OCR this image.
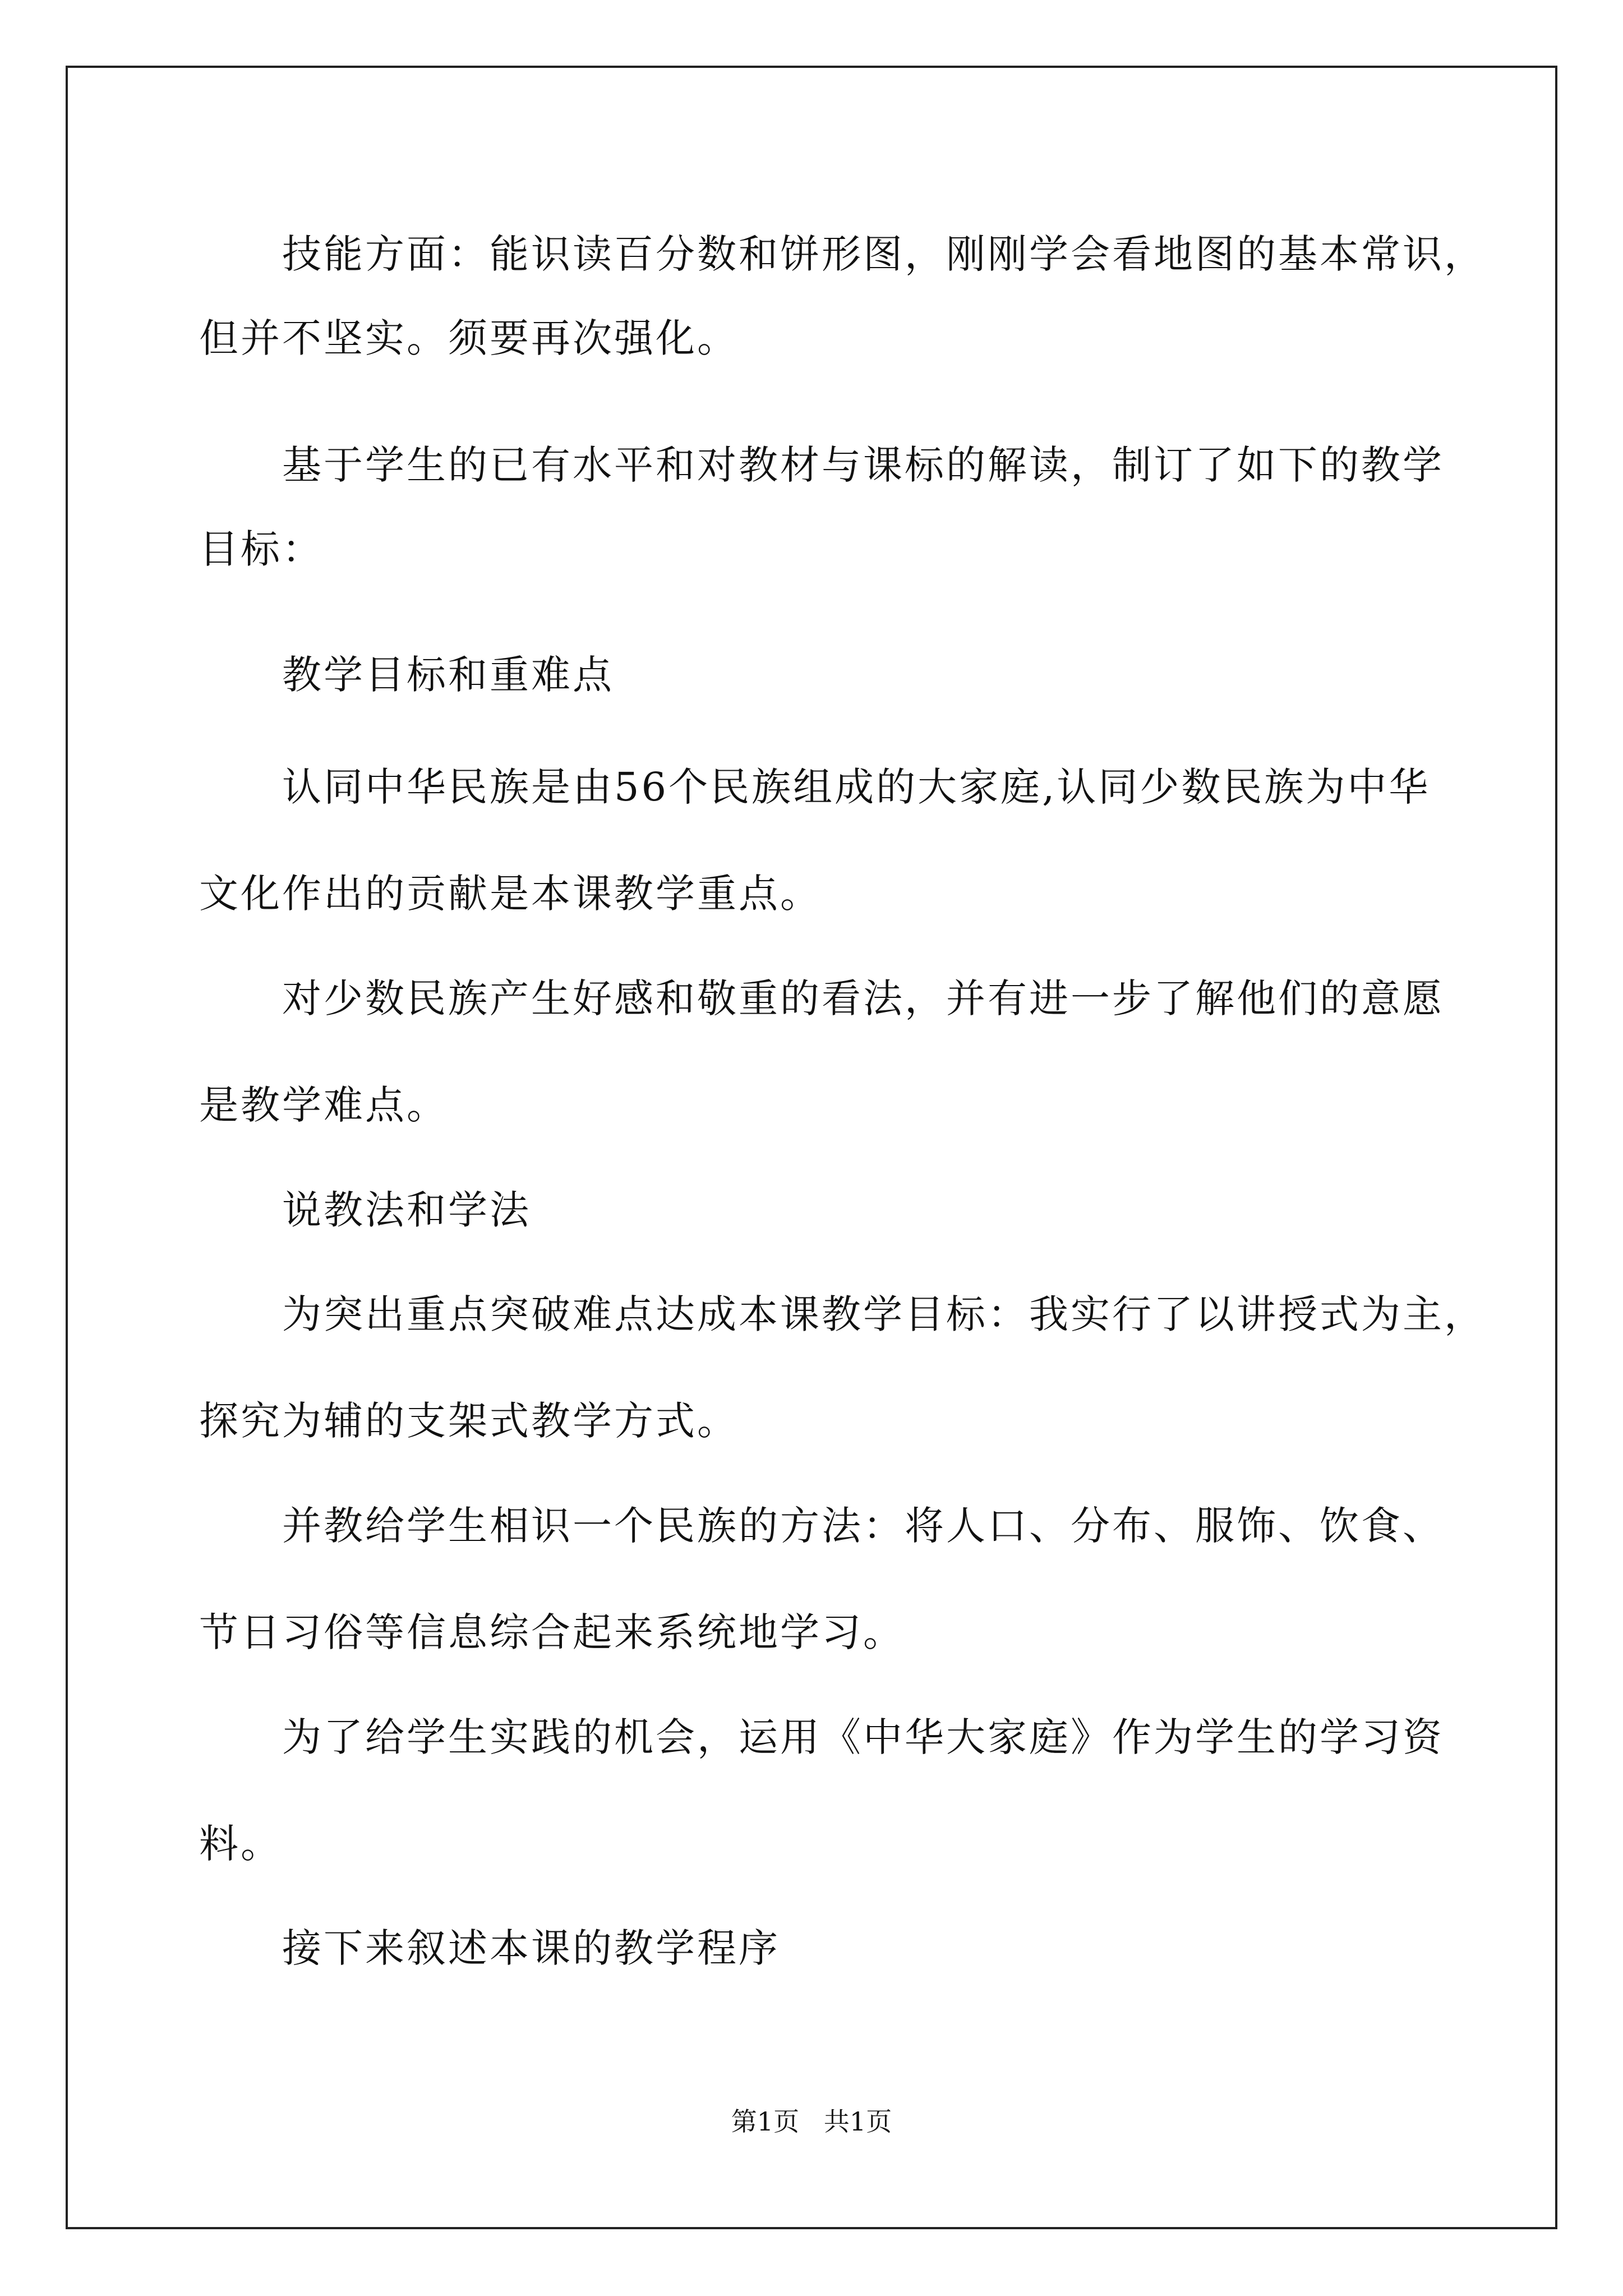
技能方面：能识读百分数和饼形图，刚刚学会看地图的基本常识，

但并不坚实。须要再次强化。

基于学生的已有水平和对教材与课标的解读，制订了如下的教学

目标：

教学目标和重难点

认同中华民族是由56个民族组成的大家庭,认同少数民族为中华

文化作出的贡献是本课教学重点。

对少数民族产生好感和敬重的看法，并有进一步了解他们的意愿

是教学难点。

说教法和学法

为突出重点突破难点达成本课教学目标：我实行了以讲授式为主，

探究为辅的支架式教学方式。

并教给学生相识一个民族的方法：将人口、分布、服饰、饮食、

节日习俗等信息综合起来系统地学习。

为了给学生实践的机会，运用《中华大家庭》作为学生的学习资

料。

接下来叙述本课的教学程序

第1页   共1页
